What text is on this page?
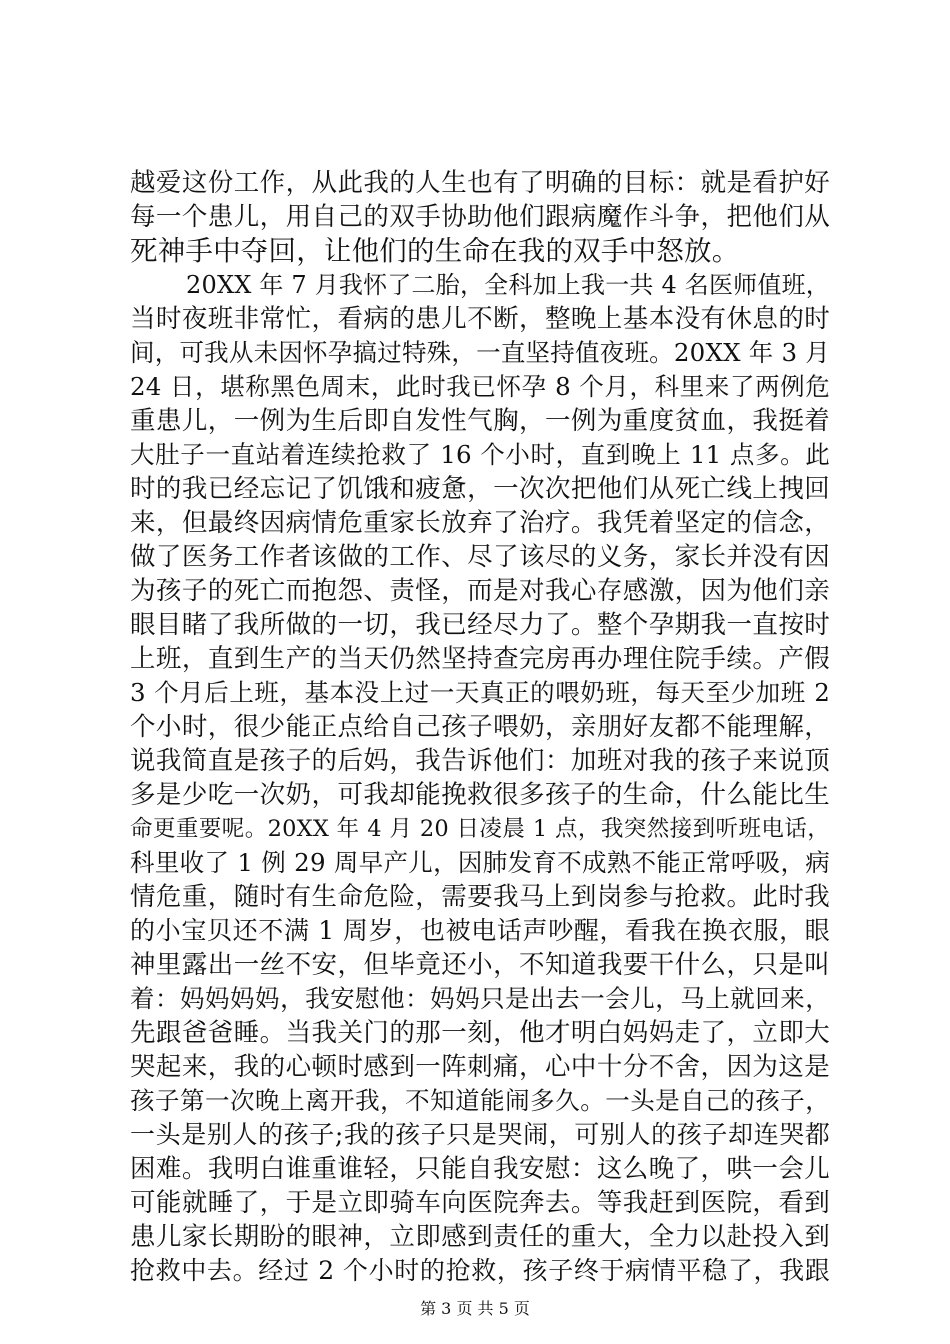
越爱这份工作，从此我的人生也有了明确的目标：就是看护好
每一个患儿，用自己的双手协助他们跟病魔作斗争，把他们从
死神手中夺回，让他们的生命在我的双手中怒放。
20XX 年 7 月我怀了二胎，全科加上我一共 4 名医师值班，
当时夜班非常忙，看病的患儿不断，整晚上基本没有休息的时
间，可我从未因怀孕搞过特殊，一直坚持值夜班。20XX 年 3 月
24 日，堪称黑色周末，此时我已怀孕 8 个月，科里来了两例危
重患儿，一例为生后即自发性气胸，一例为重度贫血，我挺着
大肚子一直站着连续抢救了 16 个小时，直到晚上 11 点多。此
时的我已经忘记了饥饿和疲惫，一次次把他们从死亡线上拽回
来，但最终因病情危重家长放弃了治疗。我凭着坚定的信念，
做了医务工作者该做的工作、尽了该尽的义务，家长并没有因
为孩子的死亡而抱怨、责怪，而是对我心存感激，因为他们亲
眼目睹了我所做的一切，我已经尽力了。整个孕期我一直按时
上班，直到生产的当天仍然坚持查完房再办理住院手续。产假
3 个月后上班，基本没上过一天真正的喂奶班，每天至少加班 2
个小时，很少能正点给自己孩子喂奶，亲朋好友都不能理解，
说我简直是孩子的后妈，我告诉他们：加班对我的孩子来说顶
多是少吃一次奶，可我却能挽救很多孩子的生命，什么能比生
命更重要呢。20XX 年 4 月 20 日凌晨 1 点，我突然接到听班电话，
科里收了 1 例 29 周早产儿，因肺发育不成熟不能正常呼吸，病
情危重，随时有生命危险，需要我马上到岗参与抢救。此时我
的小宝贝还不满 1 周岁，也被电话声吵醒，看我在换衣服，眼
神里露出一丝不安，但毕竟还小，不知道我要干什么，只是叫
着：妈妈妈妈，我安慰他：妈妈只是出去一会儿，马上就回来，
先跟爸爸睡。当我关门的那一刻，他才明白妈妈走了，立即大
哭起来，我的心顿时感到一阵刺痛，心中十分不舍，因为这是
孩子第一次晚上离开我，不知道能闹多久。一头是自己的孩子，
一头是别人的孩子;我的孩子只是哭闹，可别人的孩子却连哭都
困难。我明白谁重谁轻，只能自我安慰：这么晚了，哄一会儿
可能就睡了，于是立即骑车向医院奔去。等我赶到医院，看到
患儿家长期盼的眼神，立即感到责任的重大，全力以赴投入到
抢救中去。经过 2 个小时的抢救，孩子终于病情平稳了，我跟
第 3 页 共 5 页
